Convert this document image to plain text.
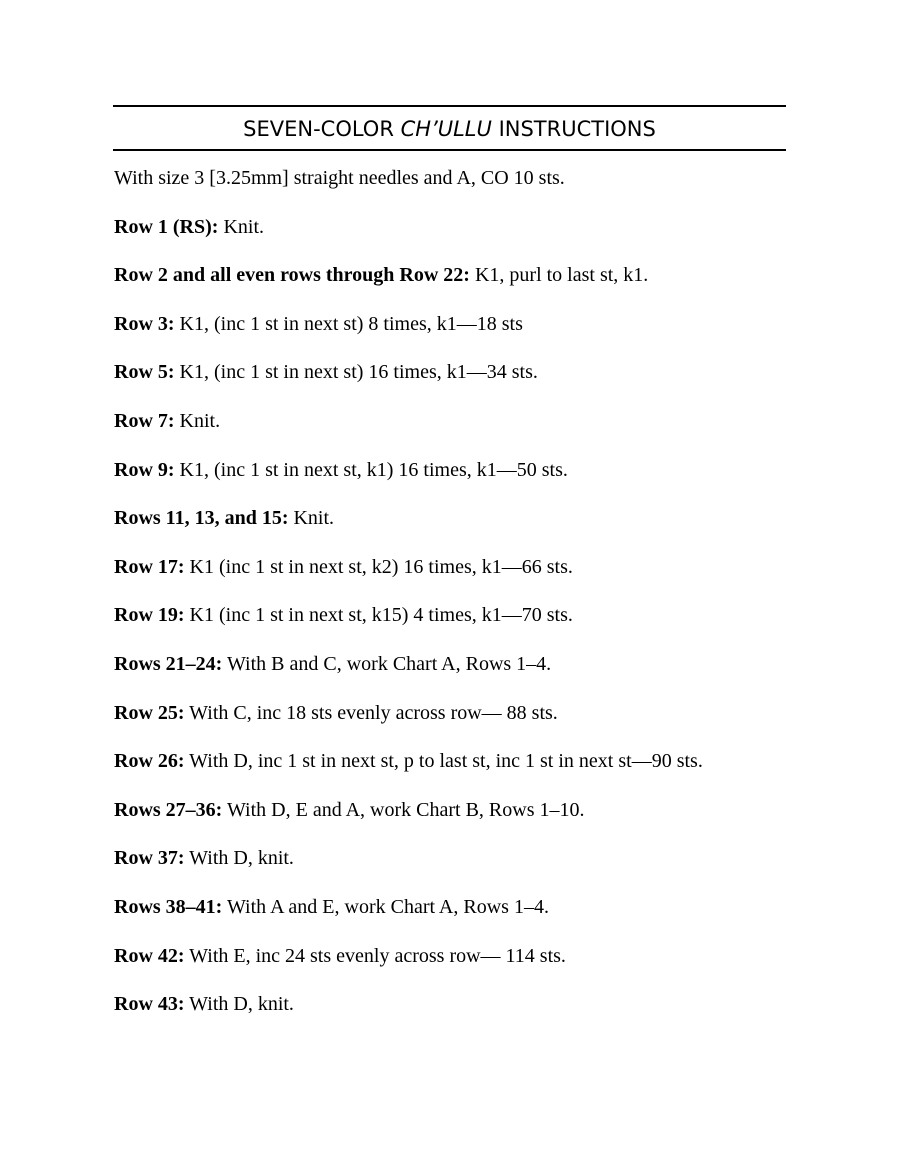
SEVEN-COLOR CH’ULLU INSTRUCTIONS
With size 3 [3.25mm] straight needles and A, CO 10 sts.
Row 1 (RS): Knit.
Row 2 and all even rows through Row 22: K1, purl to last st, k1.
Row 3: K1, (inc 1 st in next st) 8 times, k1—18 sts
Row 5: K1, (inc 1 st in next st) 16 times, k1—34 sts.
Row 7: Knit.
Row 9: K1, (inc 1 st in next st, k1) 16 times, k1—50 sts.
Rows 11, 13, and 15: Knit.
Row 17: K1 (inc 1 st in next st, k2) 16 times, k1—66 sts.
Row 19: K1 (inc 1 st in next st, k15) 4 times, k1—70 sts.
Rows 21–24: With B and C, work Chart A, Rows 1–4.
Row 25: With C, inc 18 sts evenly across row— 88 sts.
Row 26: With D, inc 1 st in next st, p to last st, inc 1 st in next st—90 sts.
Rows 27–36: With D, E and A, work Chart B, Rows 1–10.
Row 37: With D, knit.
Rows 38–41: With A and E, work Chart A, Rows 1–4.
Row 42: With E, inc 24 sts evenly across row— 114 sts.
Row 43: With D, knit.
